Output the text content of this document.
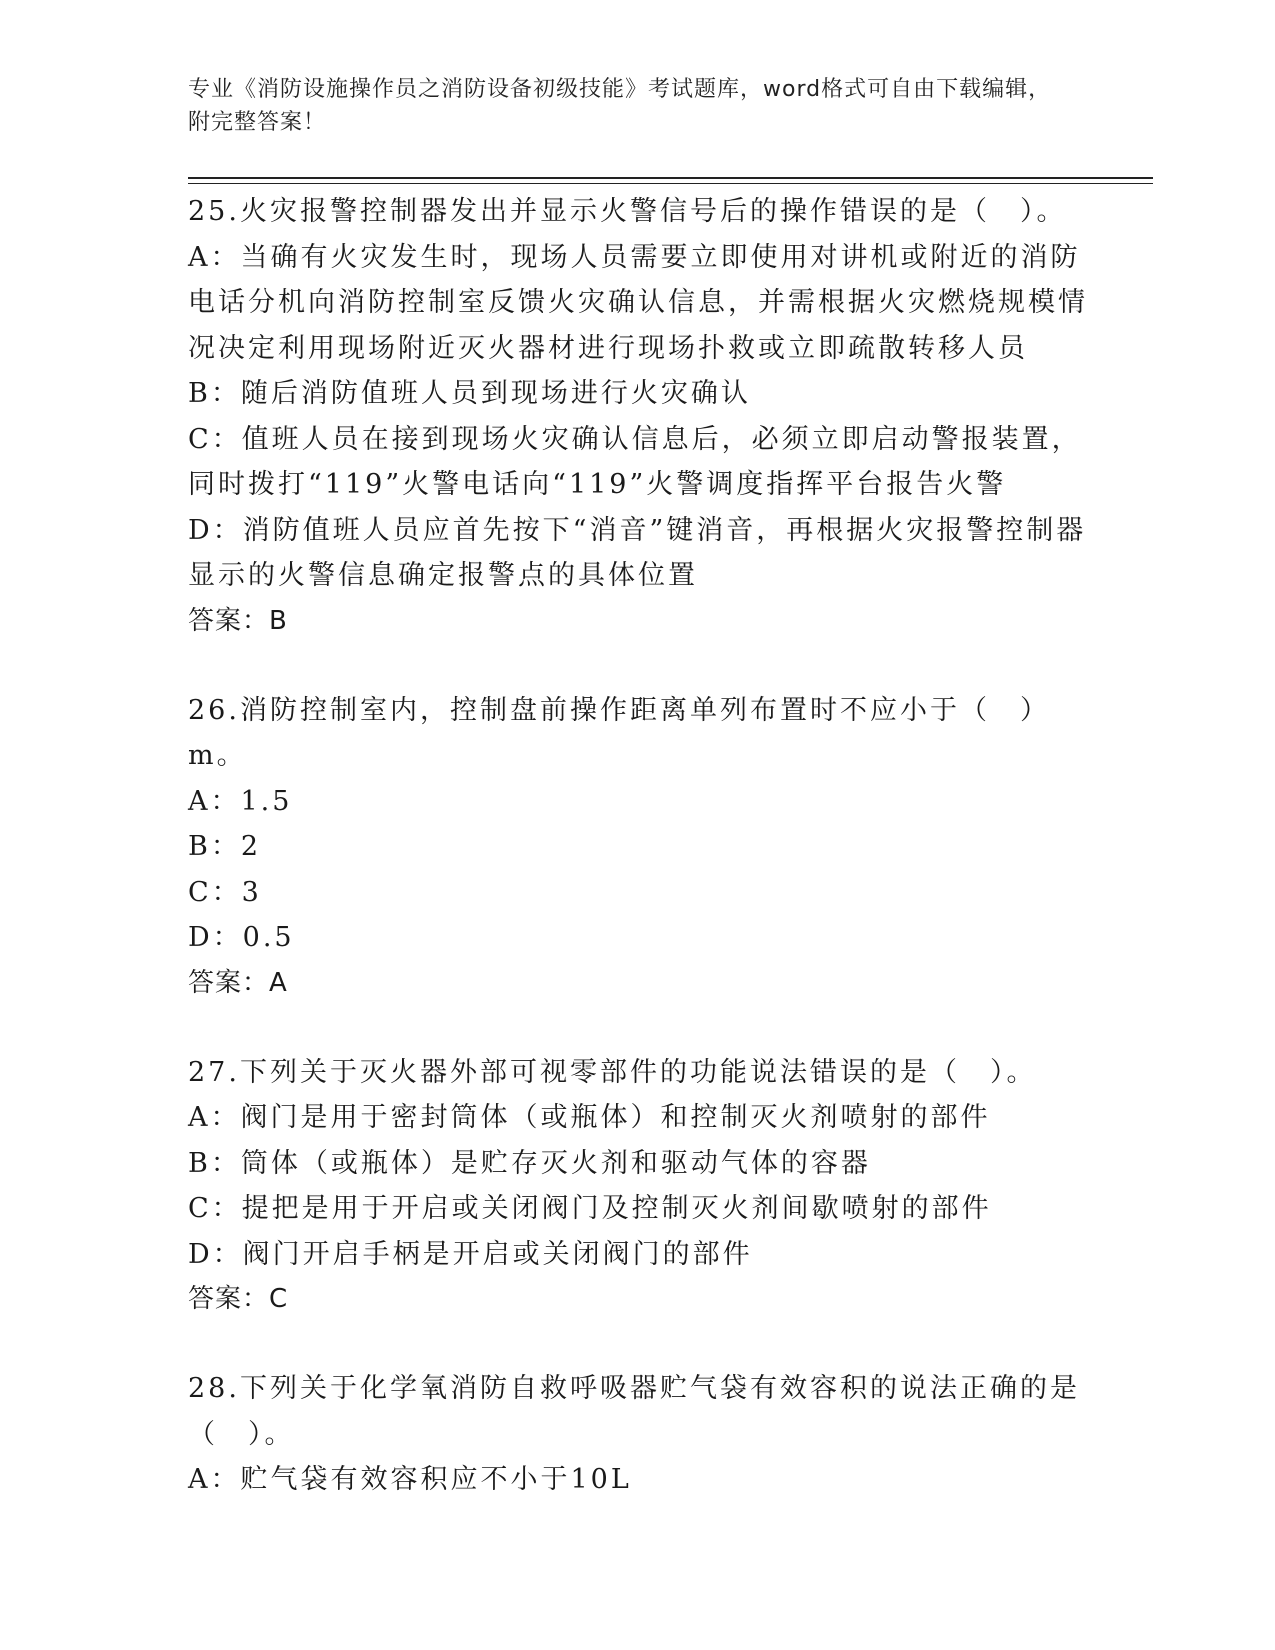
专业《消防设施操作员之消防设备初级技能》考试题库，word格式可自由下载编辑，附完整答案！
25.火灾报警控制器发出并显示火警信号后的操作错误的是（　）。
A：当确有火灾发生时，现场人员需要立即使用对讲机或附近的消防电话分机向消防控制室反馈火灾确认信息，并需根据火灾燃烧规模情况决定利用现场附近灭火器材进行现场扑救或立即疏散转移人员
B：随后消防值班人员到现场进行火灾确认
C：值班人员在接到现场火灾确认信息后，必须立即启动警报装置，同时拨打“119”火警电话向“119”火警调度指挥平台报告火警
D：消防值班人员应首先按下“消音”键消音，再根据火灾报警控制器显示的火警信息确定报警点的具体位置
答案：B
26.消防控制室内，控制盘前操作距离单列布置时不应小于（　）m。
A：1.5
B：2
C：3
D：0.5
答案：A
27.下列关于灭火器外部可视零部件的功能说法错误的是（　）。
A：阀门是用于密封筒体（或瓶体）和控制灭火剂喷射的部件
B：筒体（或瓶体）是贮存灭火剂和驱动气体的容器
C：提把是用于开启或关闭阀门及控制灭火剂间歇喷射的部件
D：阀门开启手柄是开启或关闭阀门的部件
答案：C
28.下列关于化学氧消防自救呼吸器贮气袋有效容积的说法正确的是（　）。
A：贮气袋有效容积应不小于10L
